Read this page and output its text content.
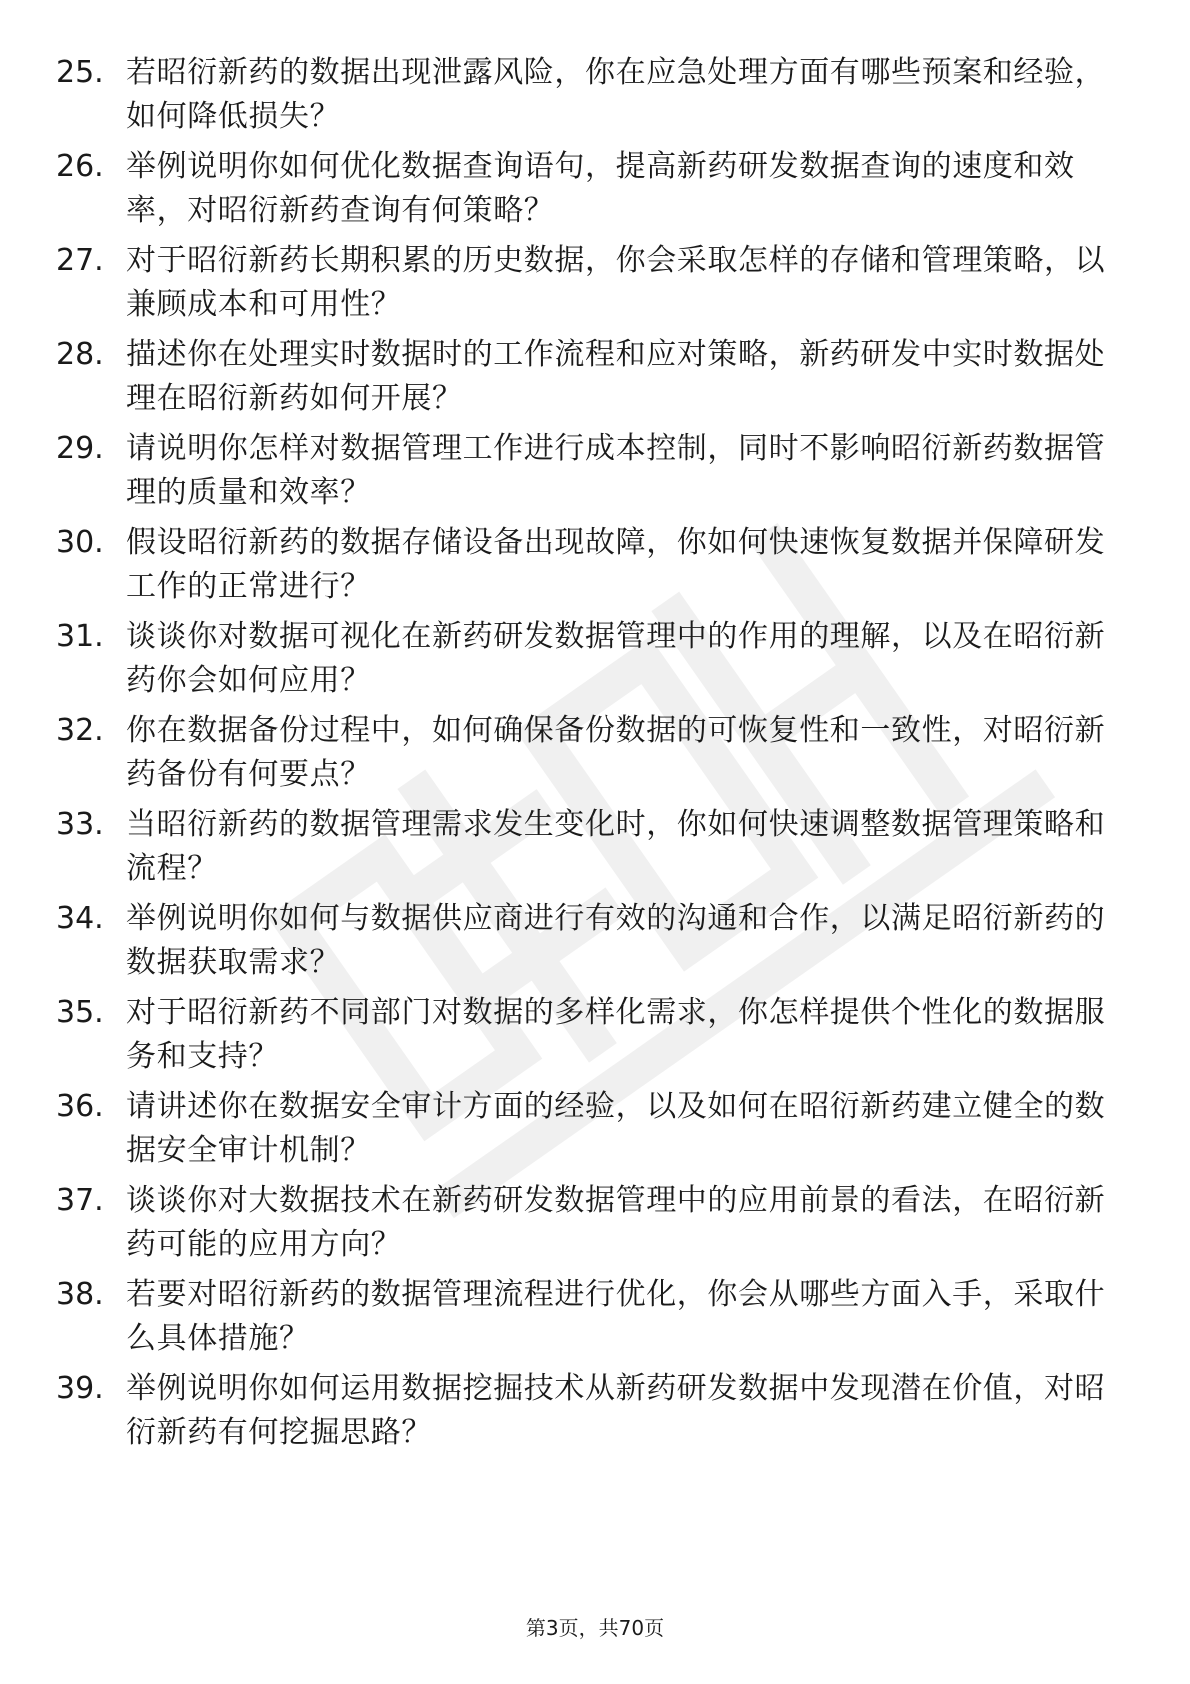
25. 若昭衍新药的数据出现泄露风险，你在应急处理方面有哪些预案和经验，如何降低损失？
26. 举例说明你如何优化数据查询语句，提高新药研发数据查询的速度和效率，对昭衍新药查询有何策略？
27. 对于昭衍新药长期积累的历史数据，你会采取怎样的存储和管理策略，以兼顾成本和可用性？
28. 描述你在处理实时数据时的工作流程和应对策略，新药研发中实时数据处理在昭衍新药如何开展？
29. 请说明你怎样对数据管理工作进行成本控制，同时不影响昭衍新药数据管理的质量和效率？
30. 假设昭衍新药的数据存储设备出现故障，你如何快速恢复数据并保障研发工作的正常进行？
31. 谈谈你对数据可视化在新药研发数据管理中的作用的理解，以及在昭衍新药你会如何应用？
32. 你在数据备份过程中，如何确保备份数据的可恢复性和一致性，对昭衍新药备份有何要点？
33. 当昭衍新药的数据管理需求发生变化时，你如何快速调整数据管理策略和流程？
34. 举例说明你如何与数据供应商进行有效的沟通和合作，以满足昭衍新药的数据获取需求？
35. 对于昭衍新药不同部门对数据的多样化需求，你怎样提供个性化的数据服务和支持？
36. 请讲述你在数据安全审计方面的经验，以及如何在昭衍新药建立健全的数据安全审计机制？
37. 谈谈你对大数据技术在新药研发数据管理中的应用前景的看法，在昭衍新药可能的应用方向？
38. 若要对昭衍新药的数据管理流程进行优化，你会从哪些方面入手，采取什么具体措施？
39. 举例说明你如何运用数据挖掘技术从新药研发数据中发现潜在价值，对昭衍新药有何挖掘思路？
第3页，共70页
